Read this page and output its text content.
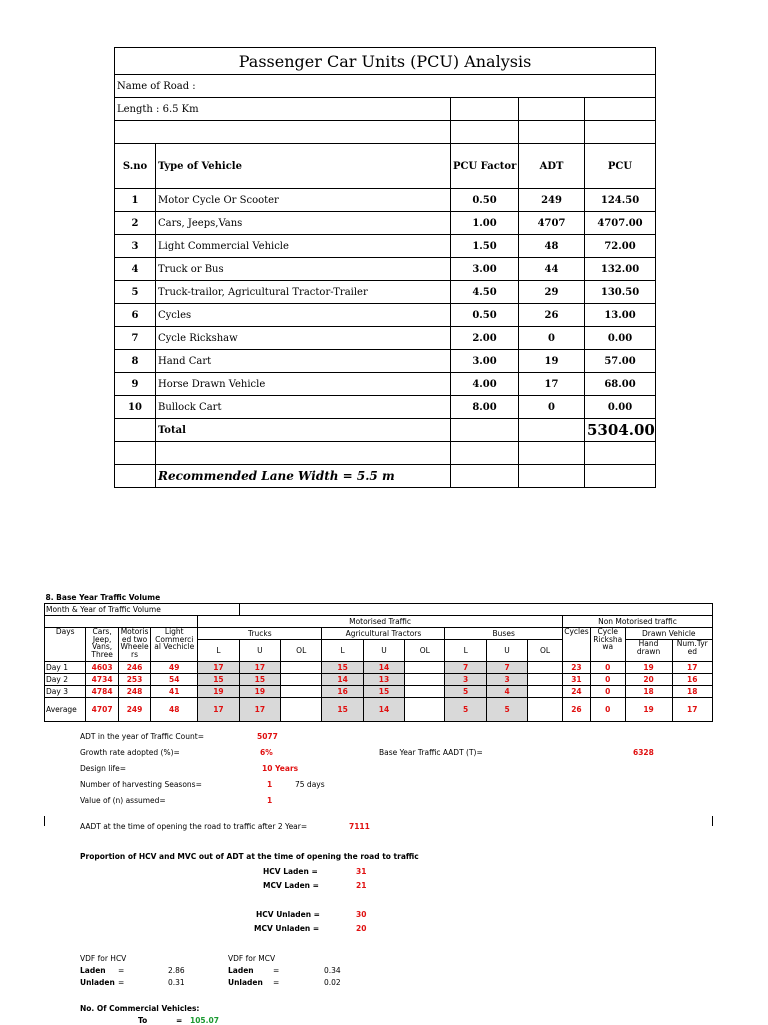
Passenger Car Units (PCU) Analysis				
Name of Road :				
Length : 6.5 Km				

S.no	Type of Vehicle	PCU Factor	ADT	PCU
1	Motor Cycle Or Scooter	0.50	249	124.50
2	Cars, Jeeps,Vans	1.00	4707	4707.00
3	Light Commercial Vehicle	1.50	48	72.00
4	Truck or Bus	3.00	44	132.00
5	Truck-trailor, Agricultural Tractor-Trailer	4.50	29	130.50
6	Cycles	0.50	26	13.00
7	Cycle Rickshaw	2.00	0	0.00
8	Hand Cart	3.00	19	57.00
9	Horse Drawn Vehicle	4.00	17	68.00
10	Bullock Cart	8.00	0	0.00
	Total			5304.00

	Recommended Lane Width = 5.5 m			
8. Base Year Traffic Volume																
Month & Year of Traffic Volume																
				Motorised Traffic									Non Motorised traffic			
Days	Cars, Jeep, Vans, Three	Motoris ed two Wheele rs	Light Commerci al Vechicle	Trucks			Agricultural Tractors			Buses			Cycles	Cycle Ricksha wa	Drawn Vehicle	
				L	U	OL	L	U	OL	L	U	OL			Hand drawn	Num.Tyr ed
Day 1	4603	246	49	17	17		15	14		7	7		23	0	19	17
Day 2	4734	253	54	15	15		14	13		3	3		31	0	20	16
Day 3	4784	248	41	19	19		16	15		5	4		24	0	18	18
Average	4707	249	48	17	17		15	14		5	5		26	0	19	17
ADT in the year of Traffic Count=	5077
Growth rate adopted (%)=	6%	Base Year Traffic AADT (T)=	6328
Design life=	10 Years
Number of harvesting Seasons=	1	75 days
Value of (n) assumed=	1
AADT at the time of opening the road to traffic after 2 Year=	7111
Proportion of HCV and MVC out of ADT at the time of opening the road to traffic
HCV Laden =	31
MCV Laden =	21
HCV Unladen =	30
MCV Unladen =	20
VDF for HCV
Laden =	2.86
Unladen =	0.31
VDF for MCV
Laden	=	0.34
Unladen =	0.02
No. Of Commercial Vehicles:
To	= 105.07
